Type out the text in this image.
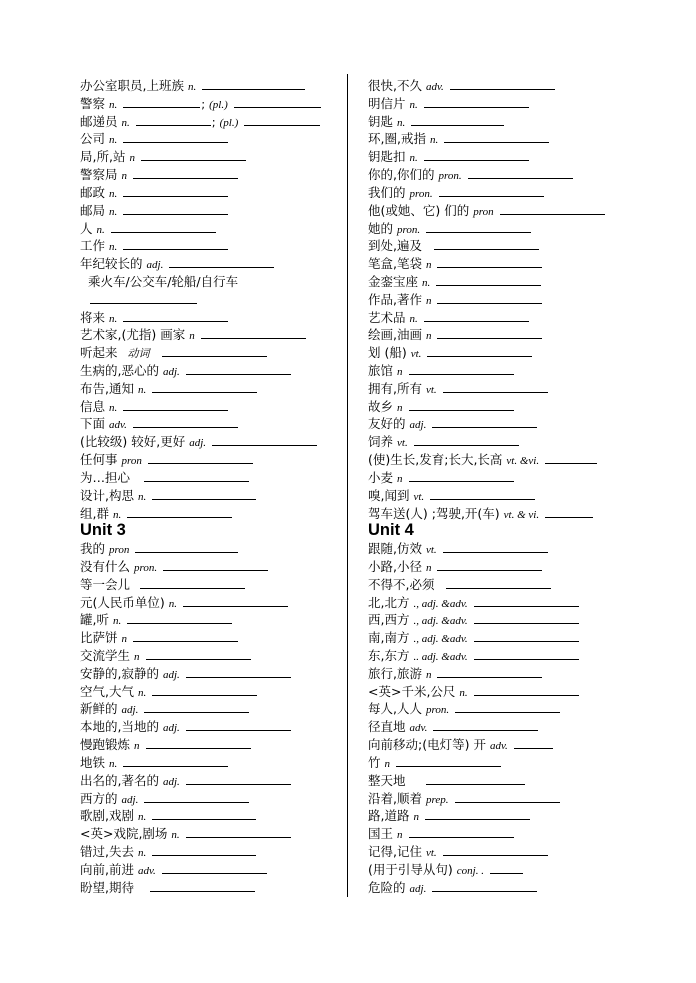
办公室职员,上班族 n.
警察 n.	; (pl.)
邮递员 n.	; (pl.)
公司 n.
局,所,站 n
警察局 n
邮政 n.
邮局 n.
人 n.
工作 n.
年纪较长的 adj.
乘火车/公交车/轮船/自行车
将来 n.
艺术家,(尤指) 画家 n
听起来 动词
生病的,恶心的 adj.
布告,通知 n.
信息 n.
下面 adv.
(比较级) 较好,更好 adj.
任何事 pron
为…担心
设计,构思 n.
组,群 n.
Unit 3
我的 pron
没有什么 pron.
等一会儿
元(人民币单位) n.
罐,听 n.
比萨饼 n
交流学生 n
安静的,寂静的 adj.
空气,大气 n.
新鲜的 adj.
本地的,当地的 adj.
慢跑锻炼 n
地铁 n.
出名的,著名的 adj.
西方的 adj.
歌剧,戏剧 n.
<英>戏院,剧场 n.
错过,失去 n.
向前,前进 adv.
盼望,期待
很快,不久 adv.
明信片 n.
钥匙 n.
环,圈,戒指 n.
钥匙扣 n.
你的,你们的 pron.
我们的 pron.
他(或她、它) 们的 pron
她的 pron.
到处,遍及
笔盒,笔袋 n
金銮宝座 n.
作品,著作 n
艺术品 n.
绘画,油画 n
划 (船) vt.
旅馆 n
拥有,所有 vt.
故乡 n
友好的 adj.
饲养 vt.
(使)生长,发育;长大,长高 vt. &vi.
小麦 n
嗅,闻到 vt.
驾车送(人) ;驾驶,开(车) vt. & vi.
Unit 4
跟随,仿效 vt.
小路,小径 n
不得不,必须
北,北方 ., adj. &adv.
西,西方 ., adj. &adv.
南,南方 ., adj. &adv.
东,东方 .. adj. &adv.
旅行,旅游 n
<英>千米,公尺 n.
每人,人人 pron.
径直地 adv.
向前移动;(电灯等) 开 adv.
竹 n
整天地
沿着,顺着 prep.
路,道路 n
国王 n
记得,记住 vt.
(用于引导从句) conj. .
危险的 adj.
